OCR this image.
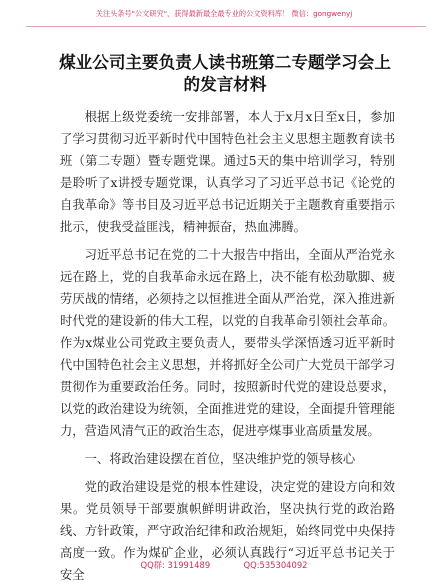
关注头条号"公文研究"，获得最新最全最专业的公文资料库！ 微信：gongwenyj
煤业公司主要负责人读书班第二专题学习会上
的发言材料

根据上级党委统一安排部署，本人于x月x日至x日，参加了学习贯彻习近平新时代中国特色社会主义思想主题教育读书班（第二专题）暨专题党课。通过5天的集中培训学习，特别是聆听了x讲授专题党课，认真学习了习近平总书记《论党的自我革命》等书目及习近平总书记近期关于主题教育重要指示批示，使我受益匪浅，精神振奋，热血沸腾。

习近平总书记在党的二十大报告中指出，全面从严治党永远在路上，党的自我革命永远在路上，决不能有松劲歇脚、疲劳厌战的情绪，必须持之以恒推进全面从严治党，深入推进新时代党的建设新的伟大工程，以党的自我革命引领社会革命。作为x煤业公司党政主要负责人，要带头学深悟透习近平新时代中国特色社会主义思想，并将抓好全公司广大党员干部学习贯彻作为重要政治任务。同时，按照新时代党的建设总要求，以党的政治建设为统领，全面推进党的建设，全面提升管理能力，营造风清气正的政治生态，促进亭煤事业高质量发展。

一、将政治建设摆在首位，坚决维护党的领导核心

党的政治建设是党的根本性建设，决定党的建设方向和效果。党员领导干部要旗帜鲜明讲政治，坚决执行党的政治路线、方针政策，严守政治纪律和政治规矩，始终同党中央保持高度一致。作为煤矿企业，必须认真践行“习近平总书记关于安全

QQ群: 31991489	QQ:535304092
